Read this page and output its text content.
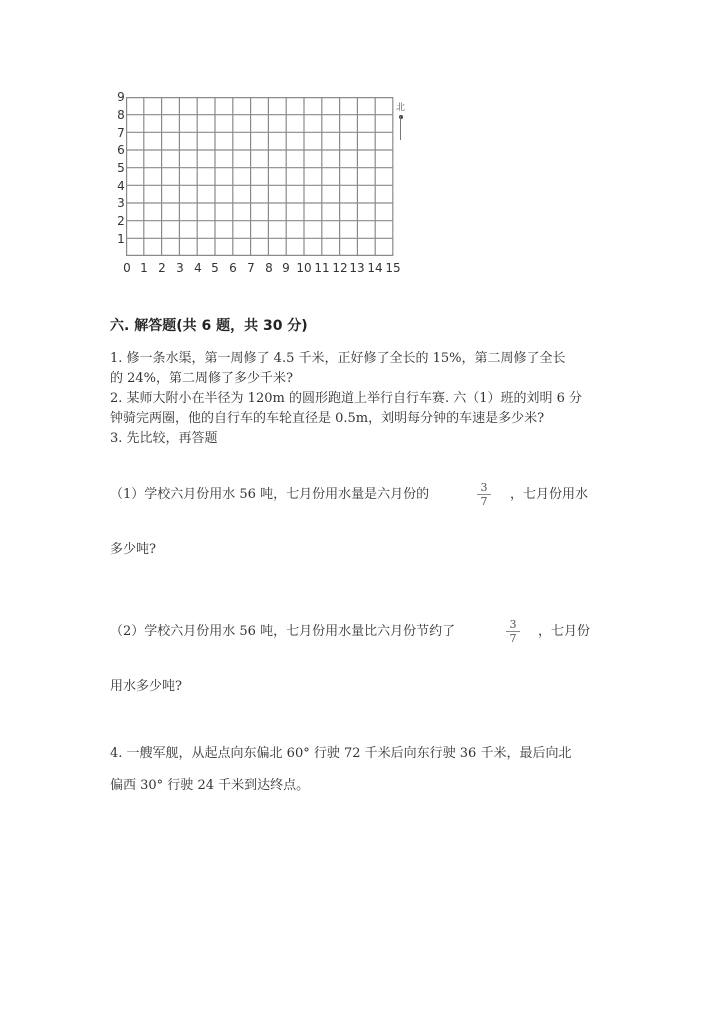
9
8
7
6
5
4
3
2
1
0 1 2 3 4 5 6 7 8 9 10 11 12 13 14 15
北
六. 解答题(共 6 题，共 30 分)
1. 修一条水渠，第一周修了 4.5 千米，正好修了全长的 15%，第二周修了全长
的 24%，第二周修了多少千米?
2. 某师大附小在半径为 120m 的圆形跑道上举行自行车赛. 六（1）班的刘明 6 分
钟骑完两圈，他的自行车的车轮直径是 0.5m，刘明每分钟的车速是多少米?
3. 先比较，再答题
（1）学校六月份用水 56 吨，七月份用水量是六月份的	$\frac{3}{7}$ ，七月份用水
多少吨?
（2）学校六月份用水 56 吨，七月份用水量比六月份节约了	$\frac{3}{7}$ ，七月份
用水多少吨?
4. 一艘军舰，从起点向东偏北 60° 行驶 72 千米后向东行驶 36 千米，最后向北
偏西 30° 行驶 24 千米到达终点。
